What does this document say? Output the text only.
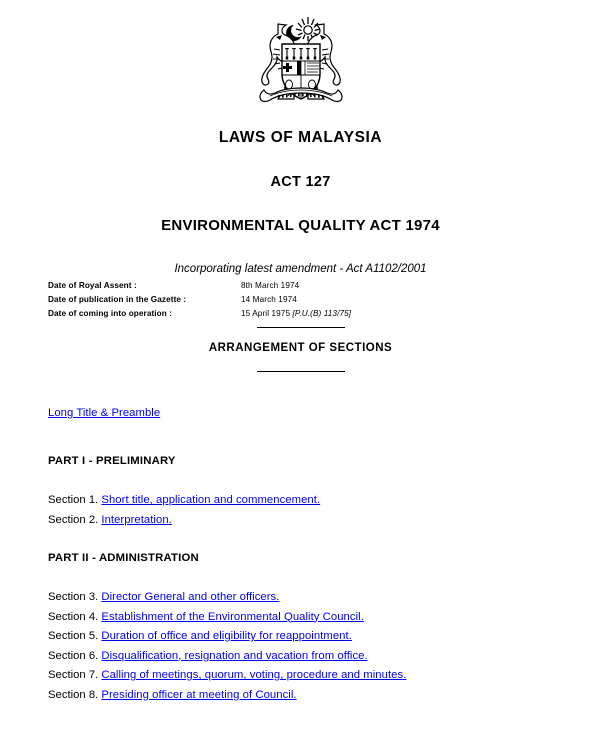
LAWS OF MALAYSIA
ACT 127
ENVIRONMENTAL QUALITY ACT 1974
Incorporating latest amendment - Act A1102/2001
Date of Royal Assent :	8th March 1974
Date of publication in the Gazette :	14 March 1974
Date of coming into operation :	15 April 1975 [P.U.(B) 113/75]
ARRANGEMENT OF SECTIONS
Long Title & Preamble
PART I - PRELIMINARY
Section 1. Short title, application and commencement.
Section 2. Interpretation.
PART II - ADMINISTRATION
Section 3. Director General and other officers.
Section 4. Establishment of the Environmental Quality Council.
Section 5. Duration of office and eligibility for reappointment.
Section 6. Disqualification, resignation and vacation from office.
Section 7. Calling of meetings, quorum, voting, procedure and minutes.
Section 8. Presiding officer at meeting of Council.
